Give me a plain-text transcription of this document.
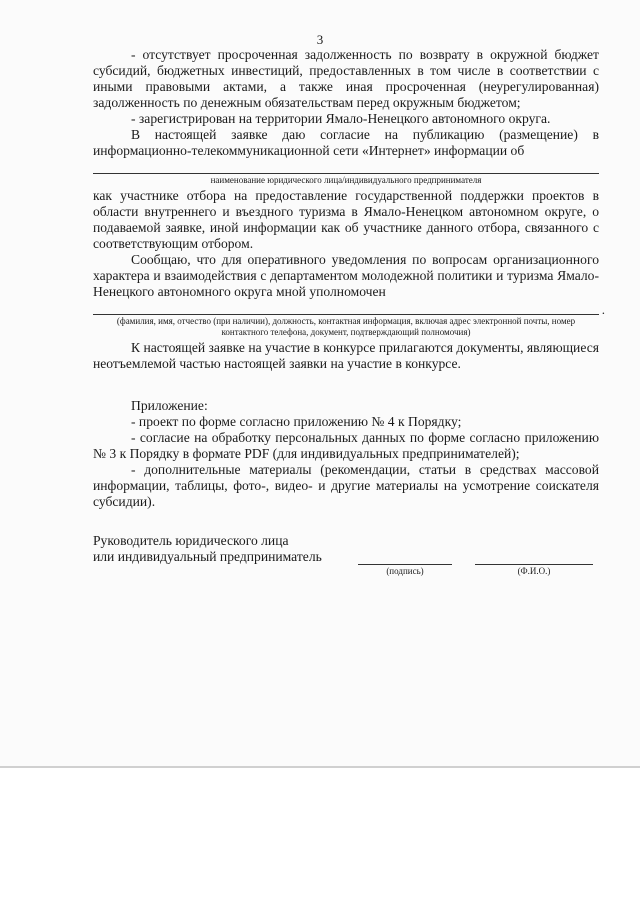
3

- отсутствует просроченная задолженность по возврату в окружной бюджет субсидий, бюджетных инвестиций, предоставленных в том числе в соответствии с иными правовыми актами, а также иная просроченная (неурегулированная) задолженность по денежным обязательствам перед окружным бюджетом;

- зарегистрирован на территории Ямало-Ненецкого автономного округа.

В настоящей заявке даю согласие на публикацию (размещение) в информационно-телекоммуникационной сети «Интернет» информации об

наименование юридического лица/индивидуального предпринимателя

как участнике отбора на предоставление государственной поддержки проектов в области внутреннего и въездного туризма в Ямало-Ненецком автономном округе, о подаваемой заявке, иной информации как об участнике данного отбора, связанного с соответствующим отбором.

Сообщаю, что для оперативного уведомления по вопросам организационного характера и взаимодействия с департаментом молодежной политики и туризма Ямало-Ненецкого автономного округа мной уполномочен

.
(фамилия, имя, отчество (при наличии), должность, контактная информация, включая адрес электронной почты, номер контактного телефона, документ, подтверждающий полномочия)

К настоящей заявке на участие в конкурсе прилагаются документы, являющиеся неотъемлемой частью настоящей заявки на участие в конкурсе.

Приложение:

- проект по форме согласно приложению № 4 к Порядку;

- согласие на обработку персональных данных по форме согласно приложению № 3 к Порядку в формате PDF (для индивидуальных предпринимателей);

- дополнительные материалы (рекомендации, статьи в средствах массовой информации, таблицы, фото-, видео- и другие материалы на усмотрение соискателя субсидии).

Руководитель юридического лица
или индивидуальный предприниматель
(подпись)	(Ф.И.О.)
